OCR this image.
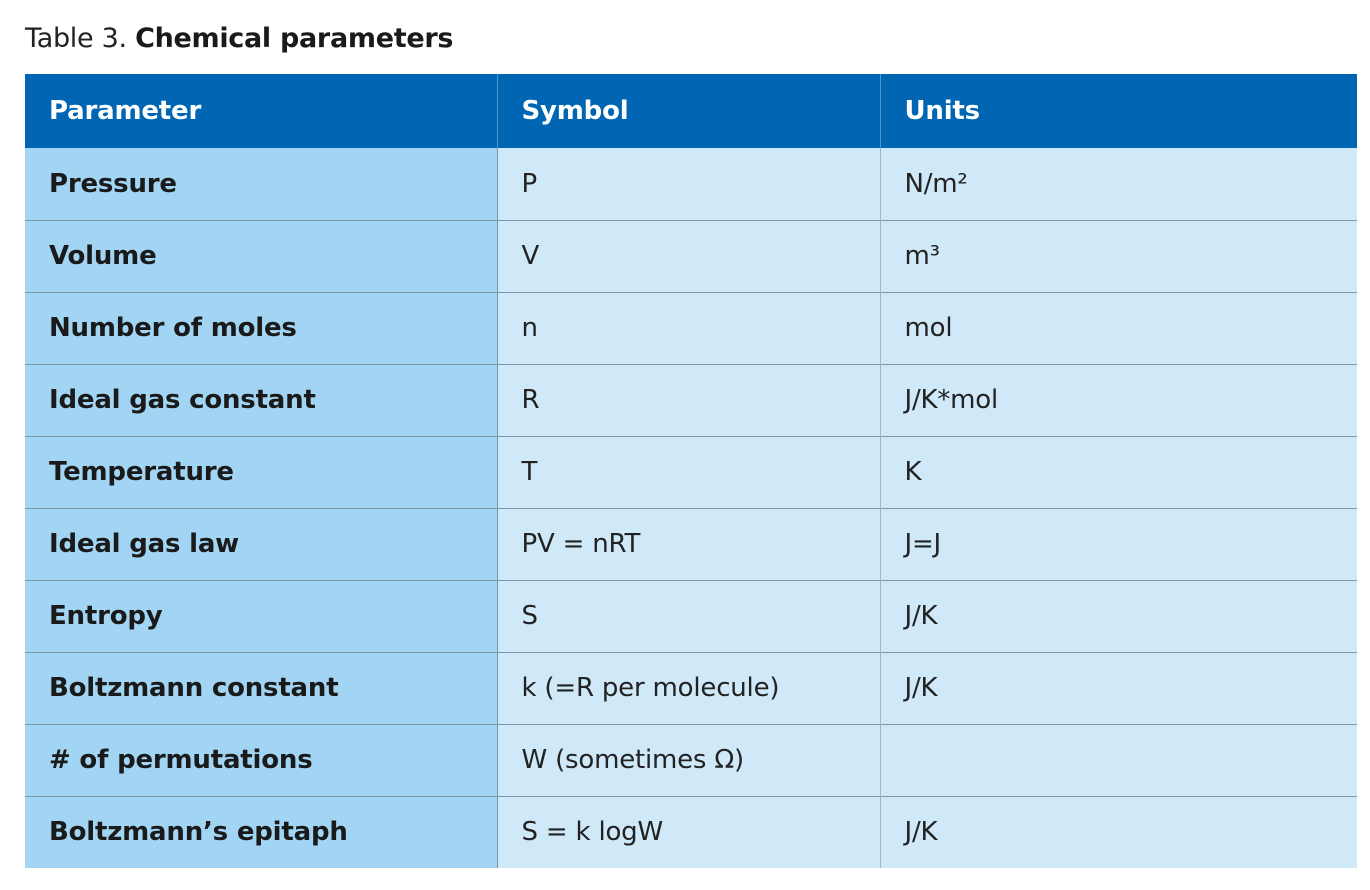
Table 3. Chemical parameters
Parameter	Symbol	Units
Pressure	P	N/m²
Volume	V	m³
Number of moles	n	mol
Ideal gas constant	R	J/K*mol
Temperature	T	K
Ideal gas law	PV = nRT	J=J
Entropy	S	J/K
Boltzmann constant	k (=R per molecule)	J/K
# of permutations	W (sometimes Ω)	
Boltzmann’s epitaph	S = k logW	J/K
